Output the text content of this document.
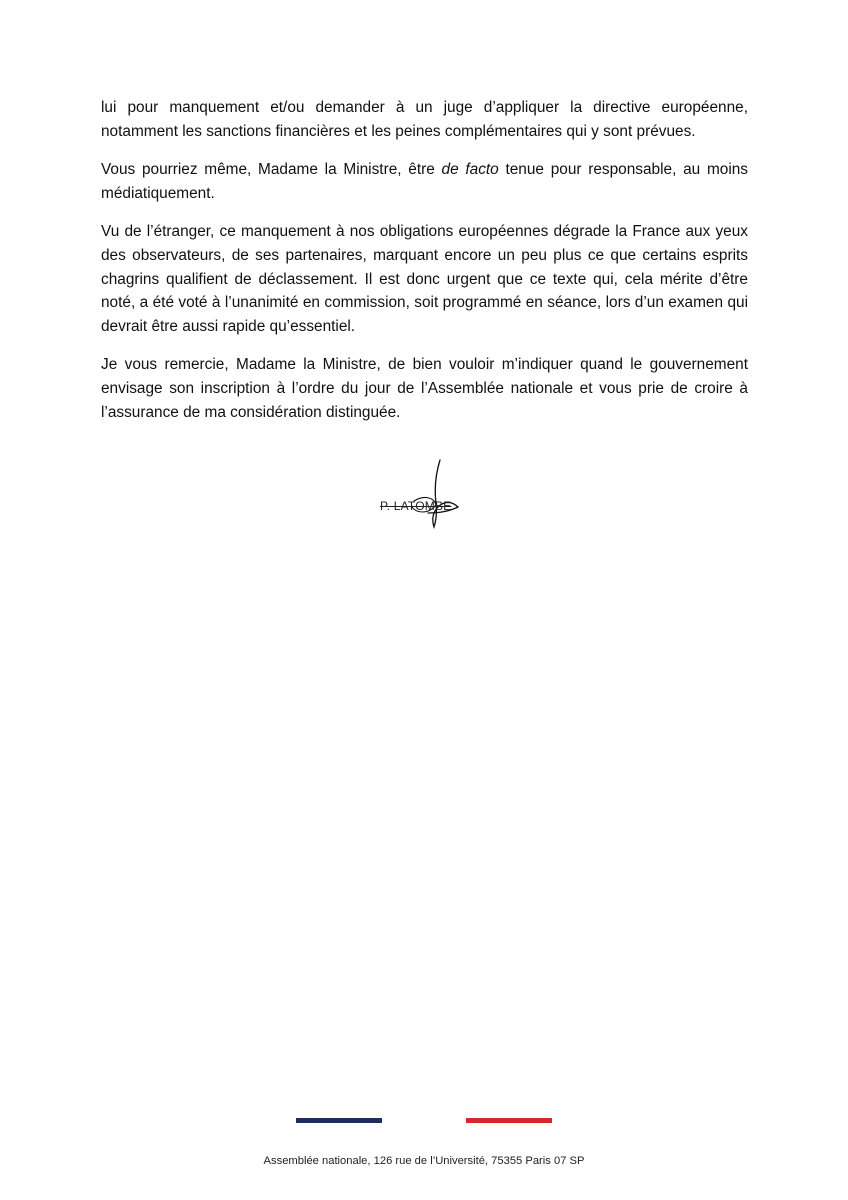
lui pour manquement et/ou demander à un juge d’appliquer la directive européenne, notamment les sanctions financières et les peines complémentaires qui y sont prévues.

Vous pourriez même, Madame la Ministre, être de facto tenue pour responsable, au moins médiatiquement.

Vu de l’étranger, ce manquement à nos obligations européennes dégrade la France aux yeux des observateurs, de ses partenaires, marquant encore un peu plus ce que certains esprits chagrins qualifient de déclassement. Il est donc urgent que ce texte qui, cela mérite d’être noté, a été voté à l’unanimité en commission, soit programmé en séance, lors d’un examen qui devrait être aussi rapide qu’essentiel.

Je vous remercie, Madame la Ministre, de bien vouloir m’indiquer quand le gouvernement envisage son inscription à l’ordre du jour de l’Assemblée nationale et vous prie de croire à l’assurance de ma considération distinguée.

P. LATOMBE
Assemblée nationale, 126 rue de l’Université, 75355 Paris 07 SP
